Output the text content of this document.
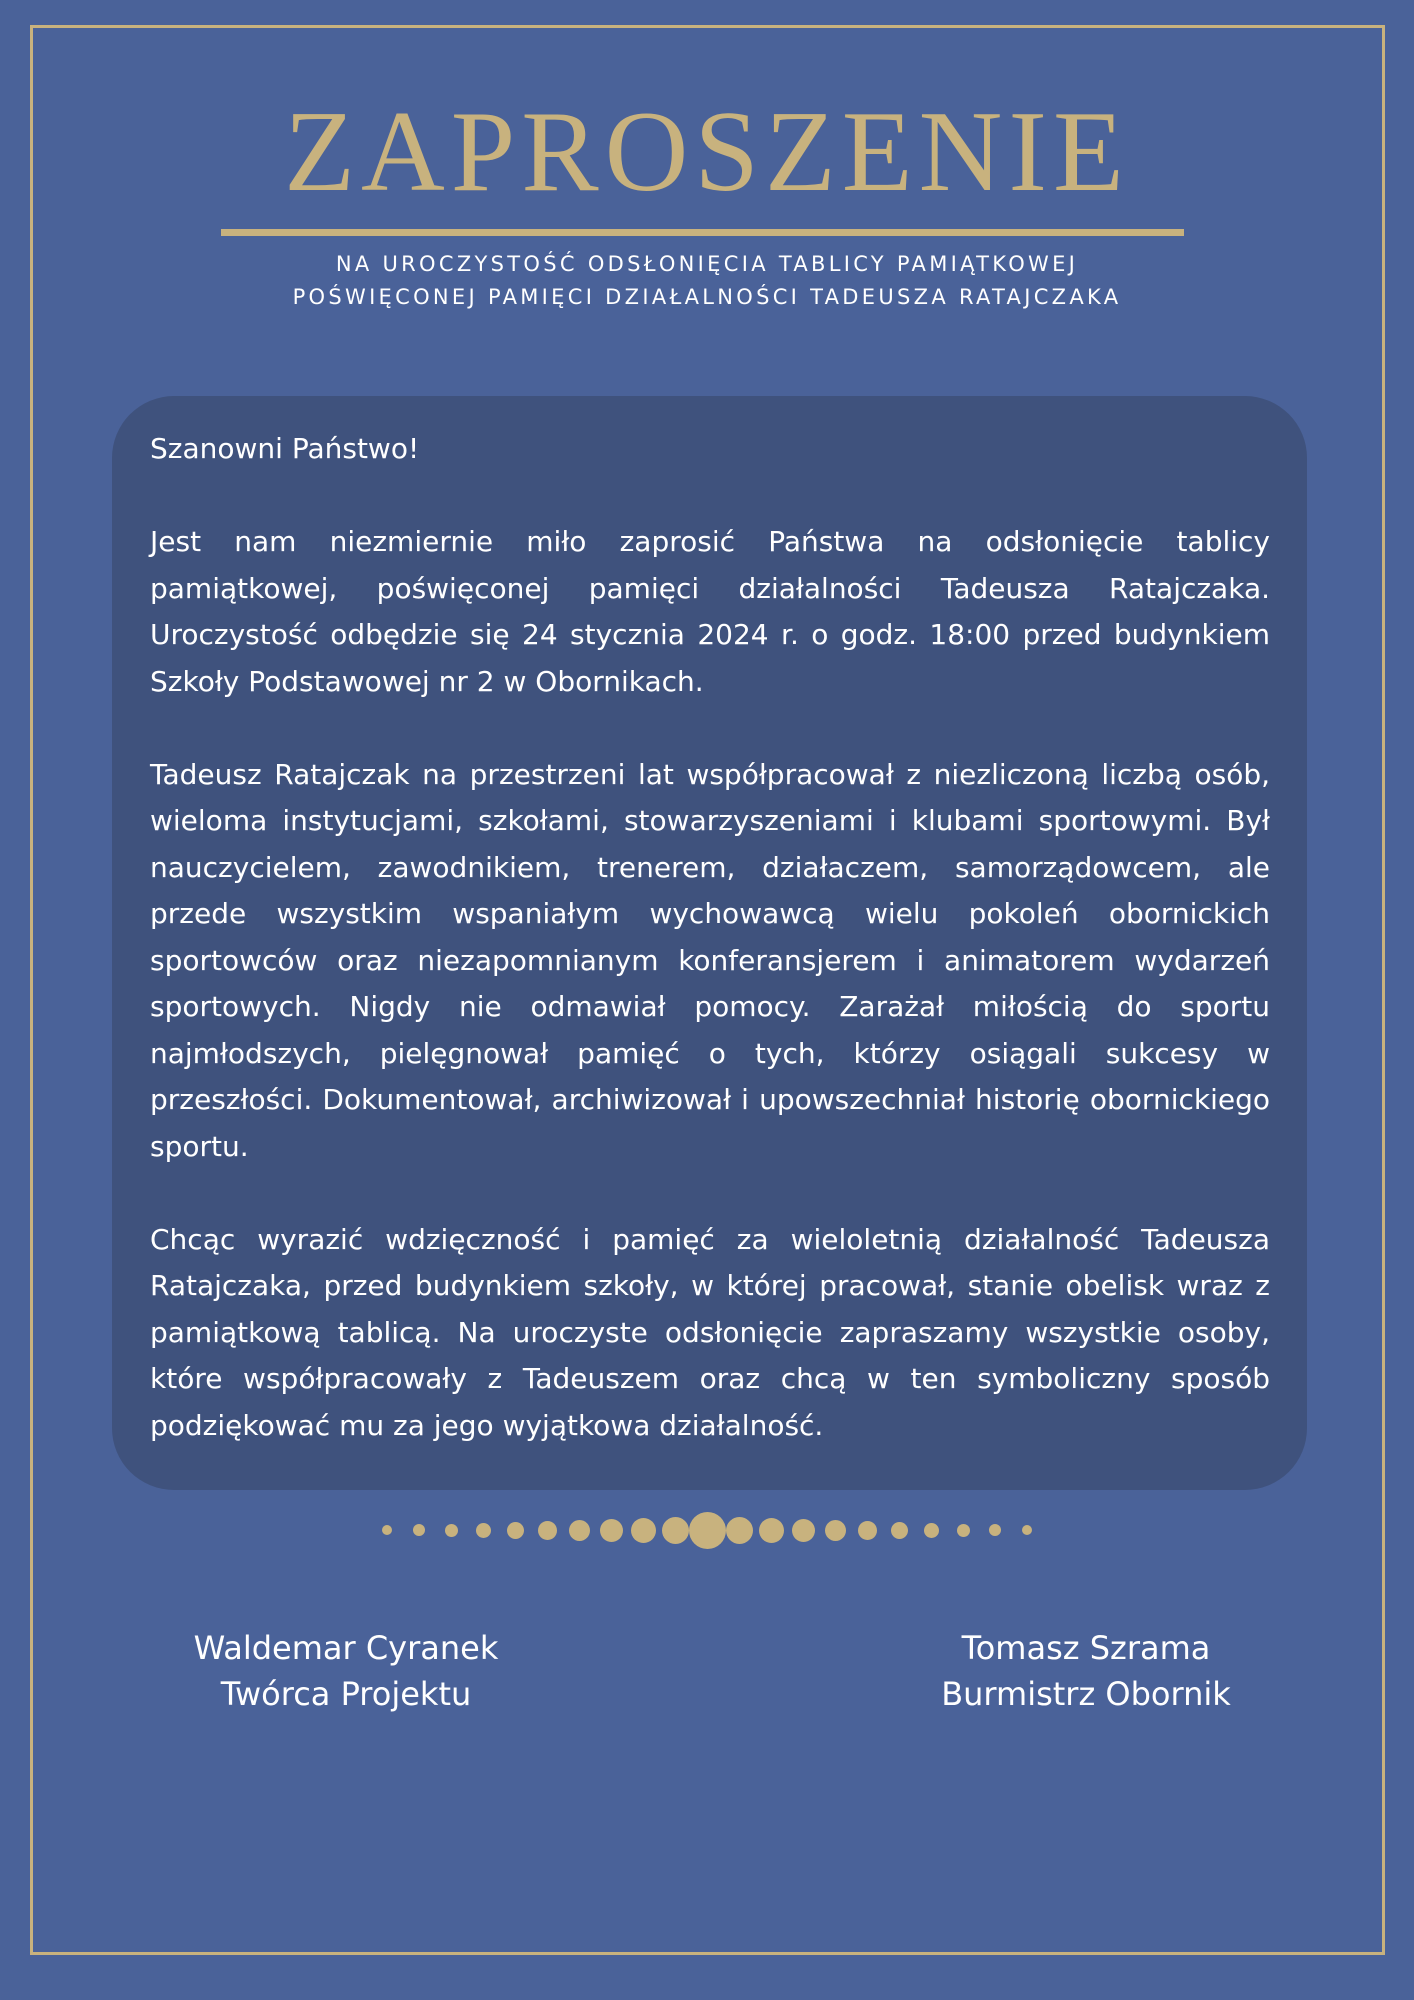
ZAPROSZENIE
NA UROCZYSTOŚĆ ODSŁONIĘCIA TABLICY PAMIĄTKOWEJ
POŚWIĘCONEJ PAMIĘCI DZIAŁALNOŚCI TADEUSZA RATAJCZAKA

Szanowni Państwo!

Jest nam niezmiernie miło zaprosić Państwa na odsłonięcie tablicy pamiątkowej, poświęconej pamięci działalności Tadeusza Ratajczaka. Uroczystość odbędzie się 24 stycznia 2024 r. o godz. 18:00 przed budynkiem Szkoły Podstawowej nr 2 w Obornikach.

Tadeusz Ratajczak na przestrzeni lat współpracował z niezliczoną liczbą osób, wieloma instytucjami, szkołami, stowarzyszeniami i klubami sportowymi. Był nauczycielem, zawodnikiem, trenerem, działaczem, samorządowcem, ale przede wszystkim wspaniałym wychowawcą wielu pokoleń obornickich sportowców oraz niezapomnianym konferansjerem i animatorem wydarzeń sportowych. Nigdy nie odmawiał pomocy. Zarażał miłością do sportu najmłodszych, pielęgnował pamięć o tych, którzy osiągali sukcesy w przeszłości. Dokumentował, archiwizował i upowszechniał historię obornickiego sportu.

Chcąc wyrazić wdzięczność i pamięć za wieloletnią działalność Tadeusza Ratajczaka, przed budynkiem szkoły, w której pracował, stanie obelisk wraz z pamiątkową tablicą. Na uroczyste odsłonięcie zapraszamy wszystkie osoby, które współpracowały z Tadeuszem oraz chcą w ten symboliczny sposób podziękować mu za jego wyjątkowa działalność.

Waldemar Cyranek
Twórca Projektu
Tomasz Szrama
Burmistrz Obornik
